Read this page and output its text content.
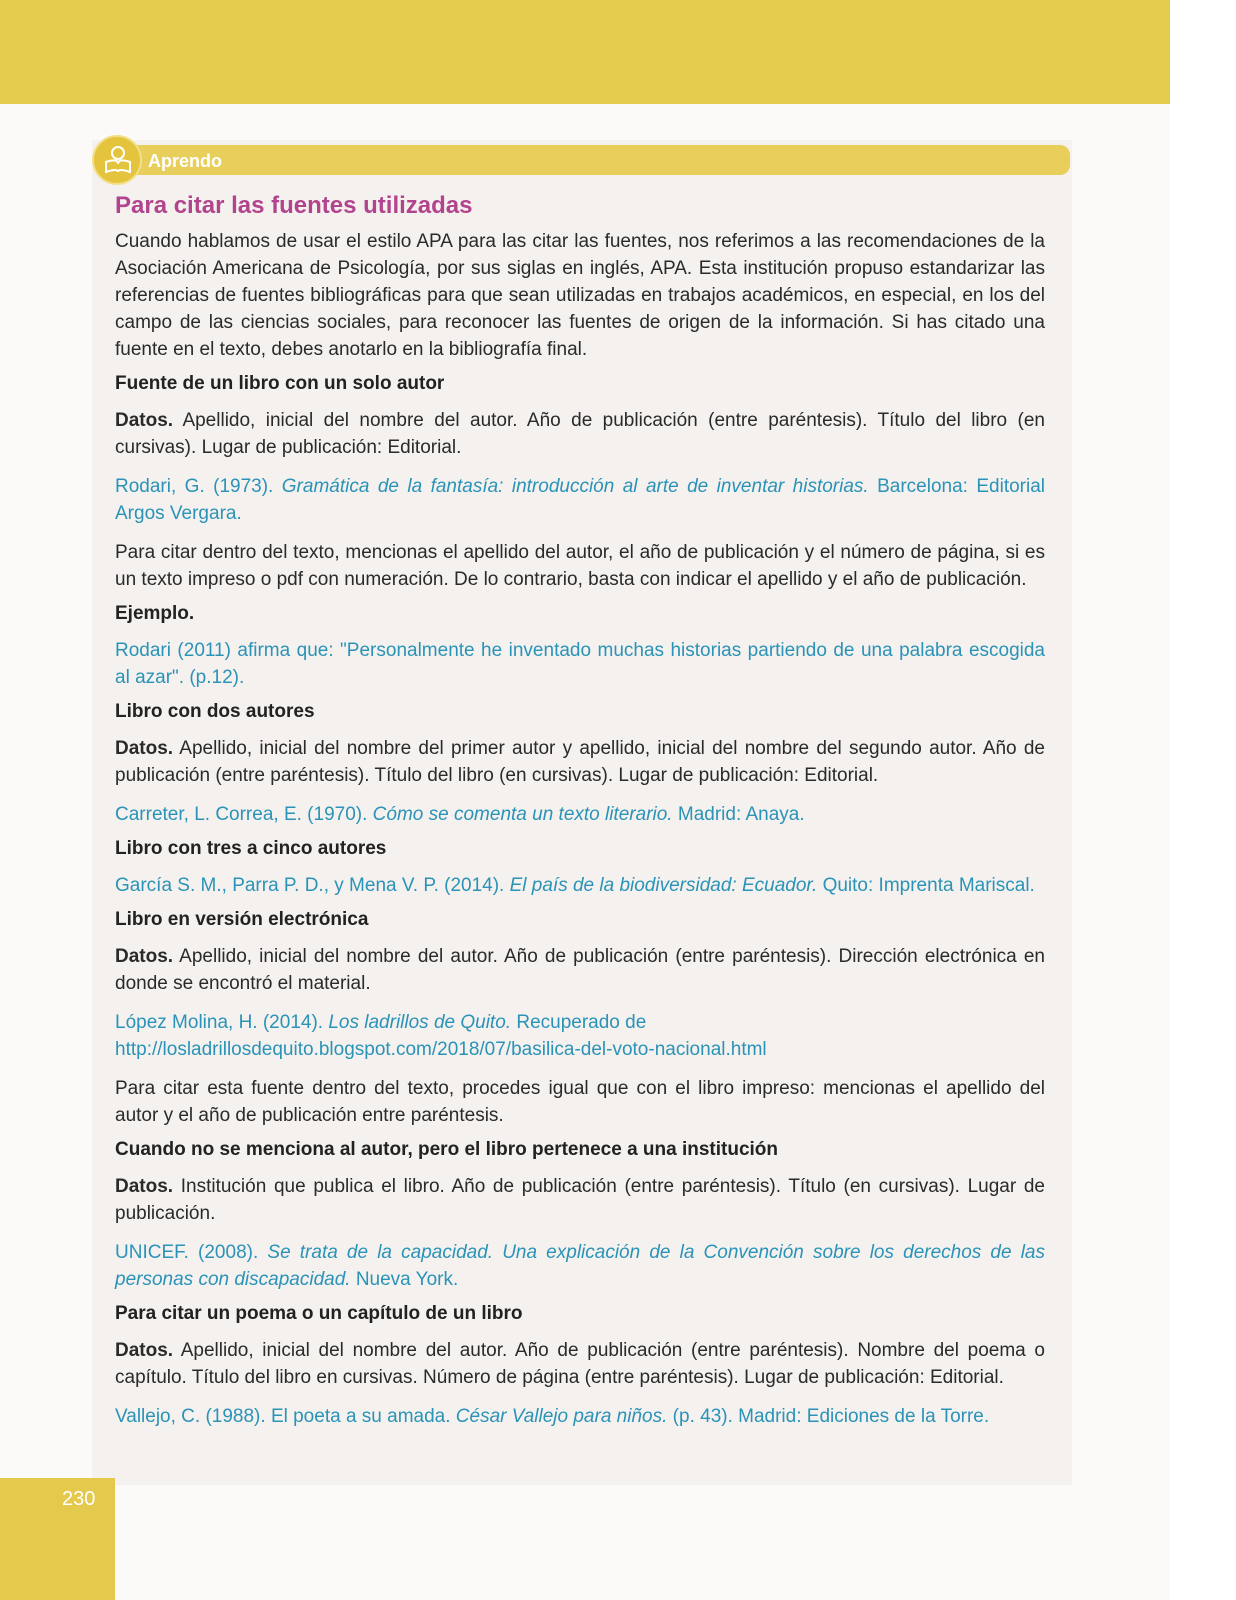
Aprendo
Para citar las fuentes utilizadas

Cuando hablamos de usar el estilo APA para las citar las fuentes, nos referimos a las recomendaciones de la Asociación Americana de Psicología, por sus siglas en inglés, APA. Esta institución propuso estandarizar las referencias de fuentes bibliográficas para que sean utilizadas en trabajos académicos, en especial, en los del campo de las ciencias sociales, para reconocer las fuentes de origen de la información. Si has citado una fuente en el texto, debes anotarlo en la bibliografía final.

Fuente de un libro con un solo autor

Datos. Apellido, inicial del nombre del autor. Año de publicación (entre paréntesis). Título del libro (en cursivas). Lugar de publicación: Editorial.

Rodari, G. (1973). Gramática de la fantasía: introducción al arte de inventar historias. Barcelona: Editorial Argos Vergara.

Para citar dentro del texto, mencionas el apellido del autor, el año de publicación y el número de página, si es un texto impreso o pdf con numeración. De lo contrario, basta con indicar el apellido y el año de publicación.

Ejemplo.

Rodari (2011) afirma que: "Personalmente he inventado muchas historias partiendo de una palabra escogida al azar". (p.12).

Libro con dos autores

Datos. Apellido, inicial del nombre del primer autor y apellido, inicial del nombre del segundo autor. Año de publicación (entre paréntesis). Título del libro (en cursivas). Lugar de publicación: Editorial.

Carreter, L. Correa, E. (1970). Cómo se comenta un texto literario. Madrid: Anaya.

Libro con tres a cinco autores

García S. M., Parra P. D., y Mena V. P. (2014). El país de la biodiversidad: Ecuador. Quito: Imprenta Mariscal.

Libro en versión electrónica

Datos. Apellido, inicial del nombre del autor. Año de publicación (entre paréntesis). Dirección electrónica en donde se encontró el material.

López Molina, H. (2014). Los ladrillos de Quito. Recuperado de
http://losladrillosdequito.blogspot.com/2018/07/basilica-del-voto-nacional.html

Para citar esta fuente dentro del texto, procedes igual que con el libro impreso: mencionas el apellido del autor y el año de publicación entre paréntesis.

Cuando no se menciona al autor, pero el libro pertenece a una institución

Datos. Institución que publica el libro. Año de publicación (entre paréntesis). Título (en cursivas). Lugar de publicación.

UNICEF. (2008). Se trata de la capacidad. Una explicación de la Convención sobre los derechos de las personas con discapacidad. Nueva York.

Para citar un poema o un capítulo de un libro

Datos. Apellido, inicial del nombre del autor. Año de publicación (entre paréntesis). Nombre del poema o capítulo. Título del libro en cursivas. Número de página (entre paréntesis). Lugar de publicación: Editorial.

Vallejo, C. (1988). El poeta a su amada. César Vallejo para niños. (p. 43). Madrid: Ediciones de la Torre.

230
